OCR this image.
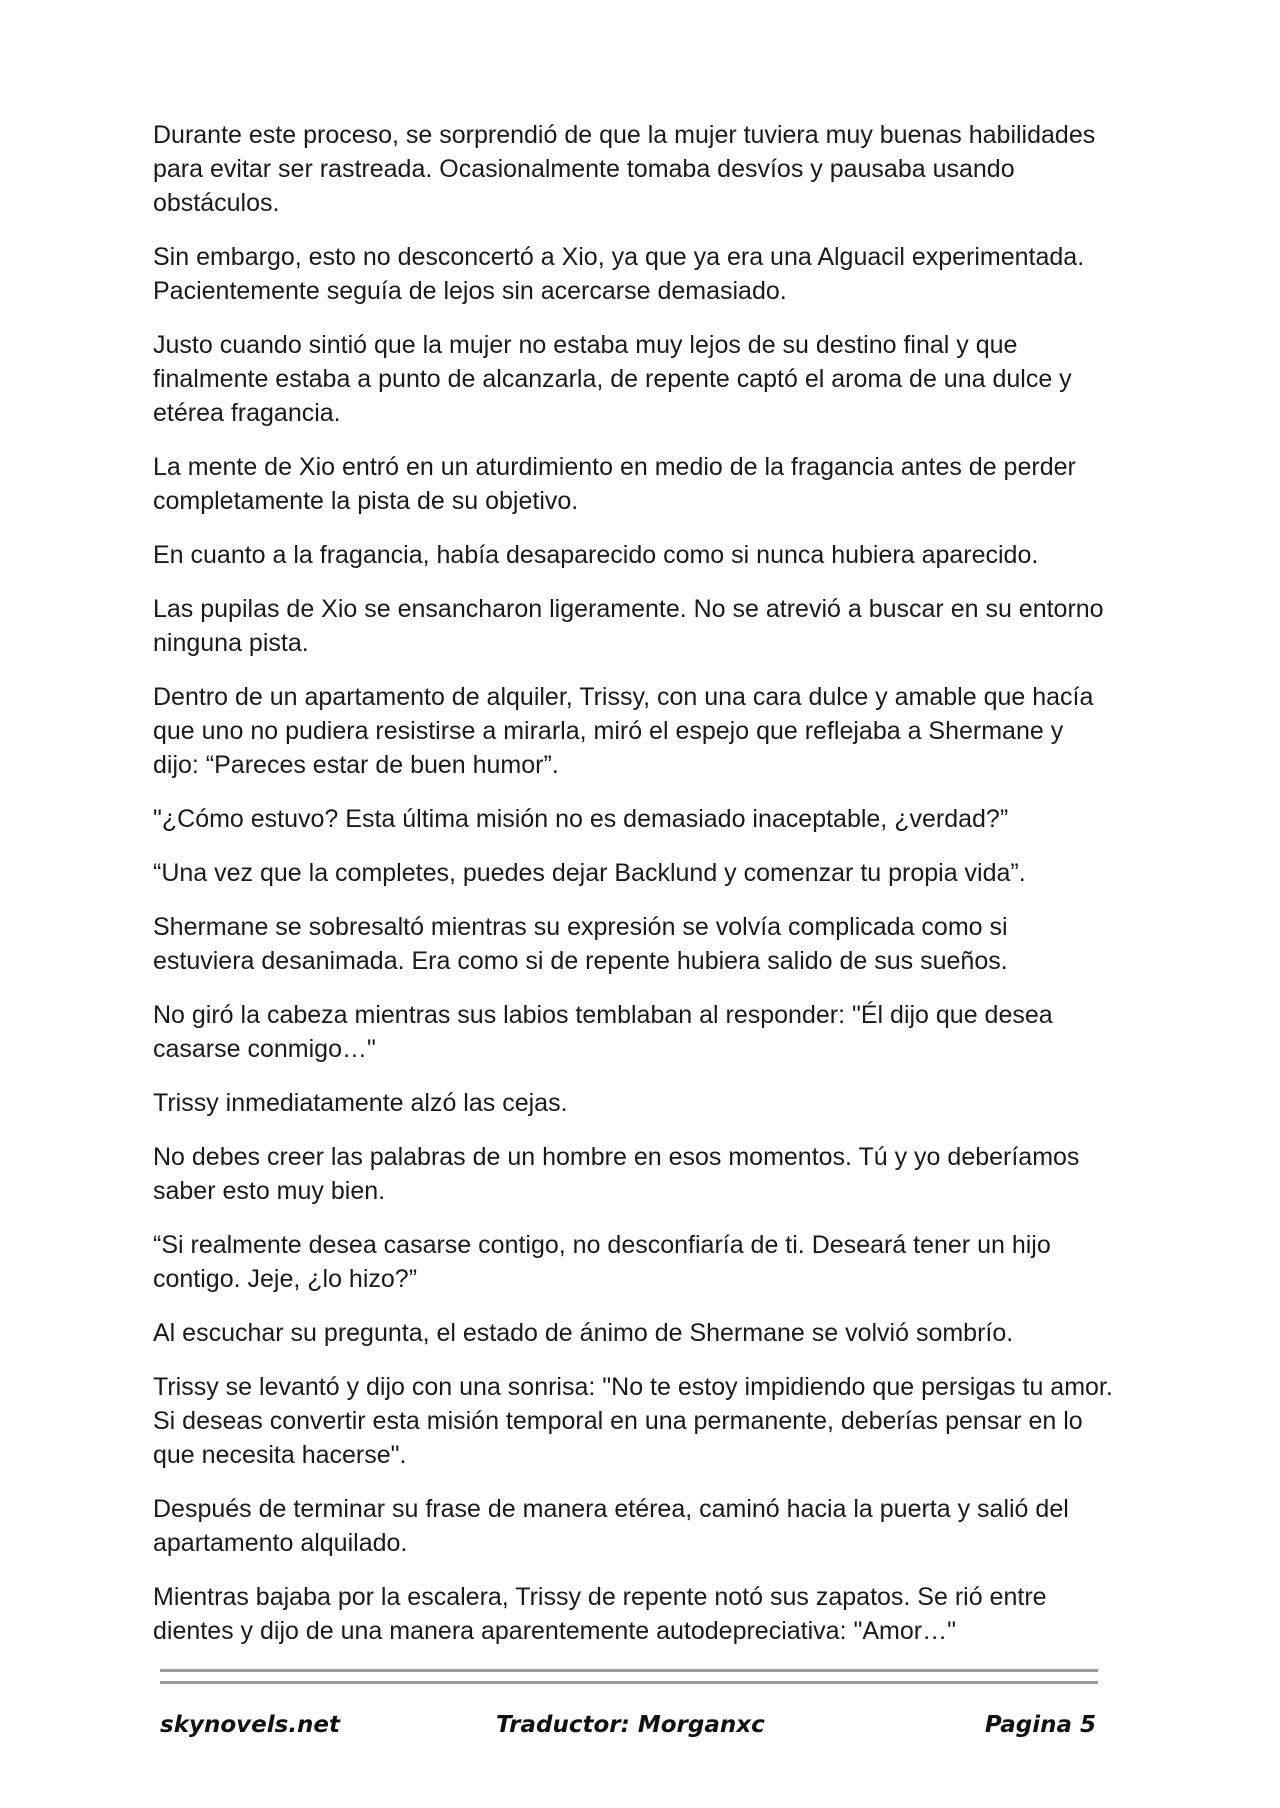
Durante este proceso, se sorprendió de que la mujer tuviera muy buenas habilidades para evitar ser rastreada. Ocasionalmente tomaba desvíos y pausaba usando obstáculos.

Sin embargo, esto no desconcertó a Xio, ya que ya era una Alguacil experimentada. Pacientemente seguía de lejos sin acercarse demasiado.

Justo cuando sintió que la mujer no estaba muy lejos de su destino final y que finalmente estaba a punto de alcanzarla, de repente captó el aroma de una dulce y etérea fragancia.

La mente de Xio entró en un aturdimiento en medio de la fragancia antes de perder completamente la pista de su objetivo.

En cuanto a la fragancia, había desaparecido como si nunca hubiera aparecido.

Las pupilas de Xio se ensancharon ligeramente. No se atrevió a buscar en su entorno ninguna pista.

Dentro de un apartamento de alquiler, Trissy, con una cara dulce y amable que hacía que uno no pudiera resistirse a mirarla, miró el espejo que reflejaba a Shermane y dijo: “Pareces estar de buen humor”.

"¿Cómo estuvo? Esta última misión no es demasiado inaceptable, ¿verdad?”

“Una vez que la completes, puedes dejar Backlund y comenzar tu propia vida”.

Shermane se sobresaltó mientras su expresión se volvía complicada como si estuviera desanimada. Era como si de repente hubiera salido de sus sueños.

No giró la cabeza mientras sus labios temblaban al responder: "Él dijo que desea casarse conmigo…"

Trissy inmediatamente alzó las cejas.

No debes creer las palabras de un hombre en esos momentos. Tú y yo deberíamos saber esto muy bien.

“Si realmente desea casarse contigo, no desconfiaría de ti. Deseará tener un hijo contigo. Jeje, ¿lo hizo?”

Al escuchar su pregunta, el estado de ánimo de Shermane se volvió sombrío.

Trissy se levantó y dijo con una sonrisa: "No te estoy impidiendo que persigas tu amor. Si deseas convertir esta misión temporal en una permanente, deberías pensar en lo que necesita hacerse".

Después de terminar su frase de manera etérea, caminó hacia la puerta y salió del apartamento alquilado.

Mientras bajaba por la escalera, Trissy de repente notó sus zapatos. Se rió entre dientes y dijo de una manera aparentemente autodepreciativa: "Amor…"

skynovels.net	Traductor: Morganxc	Pagina 5
